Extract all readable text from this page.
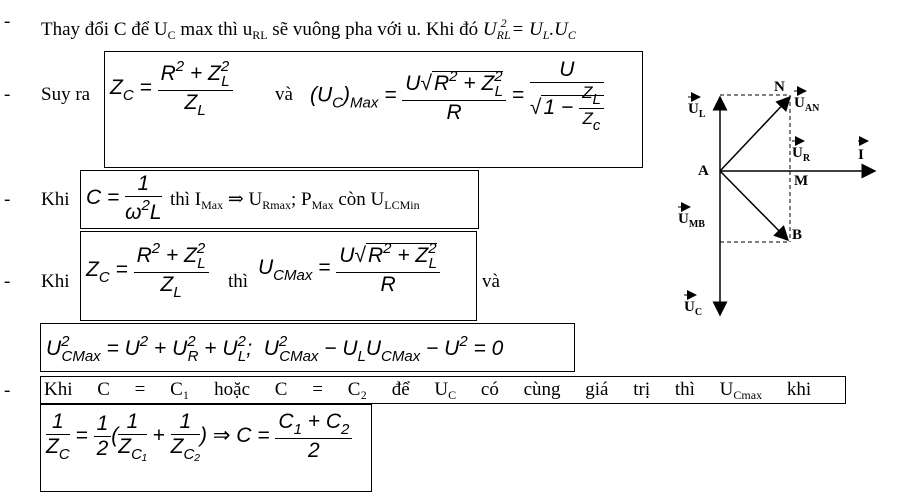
-
-
-
-
-
Thay đổi C để $U_C$ max thì $u_{RL}$ sẽ vuông pha với u. Khi đó $U_{RL}^2 = U_L.U_C$
Suy ra $Z_C = \frac{R^2 + Z^2_L}{Z_L}$ và $(U_C)_{Max} = \frac{U√R^2 + Z^2_L}{R} = \frac{U}{√1 - \frac{ZL}{Zc}}$
Khi $C = \frac{1}{\omega^2L}$ thì $I_{Max}$ ⇒ $U_{Rmax}$; $P_{Max}$ còn $U_{LCMin}$
Khi
$Z_C = \frac{R^2 + Z^2_L}{Z_L}$ thì
$U_{CMax} = \frac{U√R^2 + Z^2_L}{R}$ và
$U^2_{CMax} = U^2 + U^2_R + U^2_L$;  $U^2_{CMax} - U_LU_{CMax} - U^2 = 0$
Khi C = C₁ hoặc C = C₂ để $U_C$ có cùng giá trị thì $U_{Cmax}$ khi
$\frac{1}{Z_C} = \frac{1}{2}$ ( $\frac{1}{Z_{C_1}} + \frac{1}{Z_{C_2}}$ ) ⇒ $C = \frac{C_1 + C_2}{2}$
$U_L$
N
$U_{AN}$
$U_R$	I
A
M
$U_{MB}$
B
$U_C$
